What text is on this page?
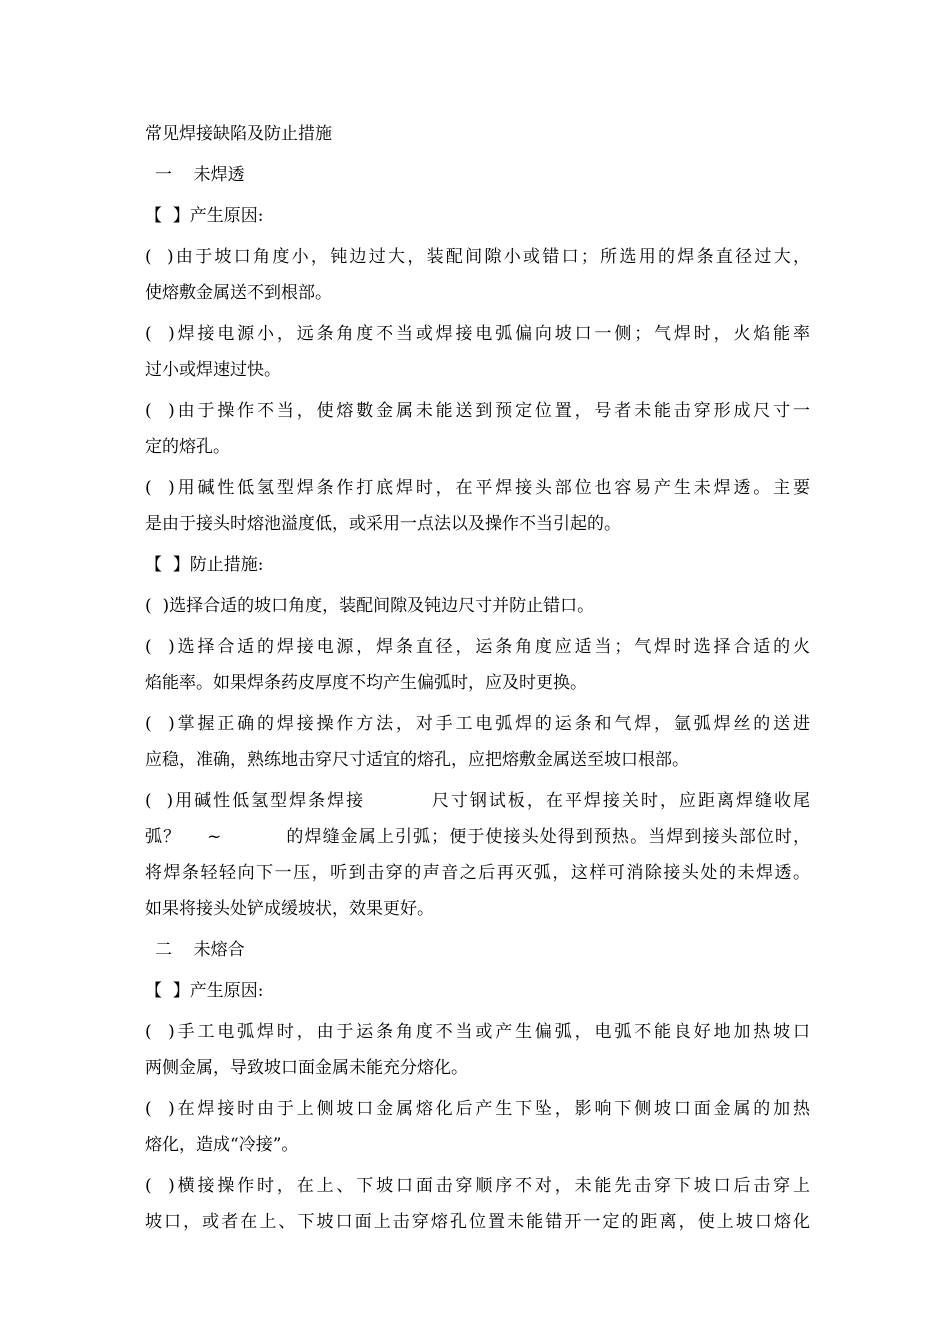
常见焊接缺陷及防止措施
一    未焊透
【  】产生原因:
(  )由于坡口角度小，钝边过大，装配间隙小或错口；所选用的焊条直径过大，
使熔敷金属送不到根部。
(  )焊接电源小，远条角度不当或焊接电弧偏向坡口一侧；气焊时，火焰能率
过小或焊速过快。
(  )由于操作不当，使熔數金属未能送到预定位置，号者未能击穿形成尺寸一
定的熔孔。
(  )用碱性低氢型焊条作打底焊时，在平焊接头部位也容易产生未焊透。主要
是由于接头时熔池溢度低，或采用一点法以及操作不当引起的。
【  】防止措施:
(  )选择合适的坡口角度，装配间隙及钝边尺寸并防止错口。
(  )选择合适的焊接电源，焊条直径，运条角度应适当；气焊时选择合适的火
焰能率。如果焊条药皮厚度不均产生偏弧时，应及时更换。
(  )掌握正确的焊接操作方法，对手工电弧焊的运条和气焊，氩弧焊丝的送进
应稳，准确，熟练地击穿尺寸适宜的熔孔，应把熔敷金属送至坡口根部。
(  )用碱性低氢型焊条焊接         尺寸钢试板，在平焊接关时，应距离焊缝收尾
弧？    ~          的焊缝金属上引弧；便于使接头处得到预热。当焊到接头部位时，
将焊条轻轻向下一压，听到击穿的声音之后再灭弧，这样可消除接头处的未焊透。
如果将接头处铲成缓坡状，效果更好。
二    未熔合
【  】产生原因:
(  )手工电弧焊时，由于运条角度不当或产生偏弧，电弧不能良好地加热坡口
两侧金属，导致坡口面金属未能充分熔化。
(  )在焊接时由于上侧坡口金属熔化后产生下坠，影响下侧坡口面金属的加热
熔化，造成“冷接”。
(  )横接操作时，在上、下坡口面击穿顺序不对，未能先击穿下坡口后击穿上
坡口，或者在上、下坡口面上击穿熔孔位置未能错开一定的距离，使上坡口熔化
